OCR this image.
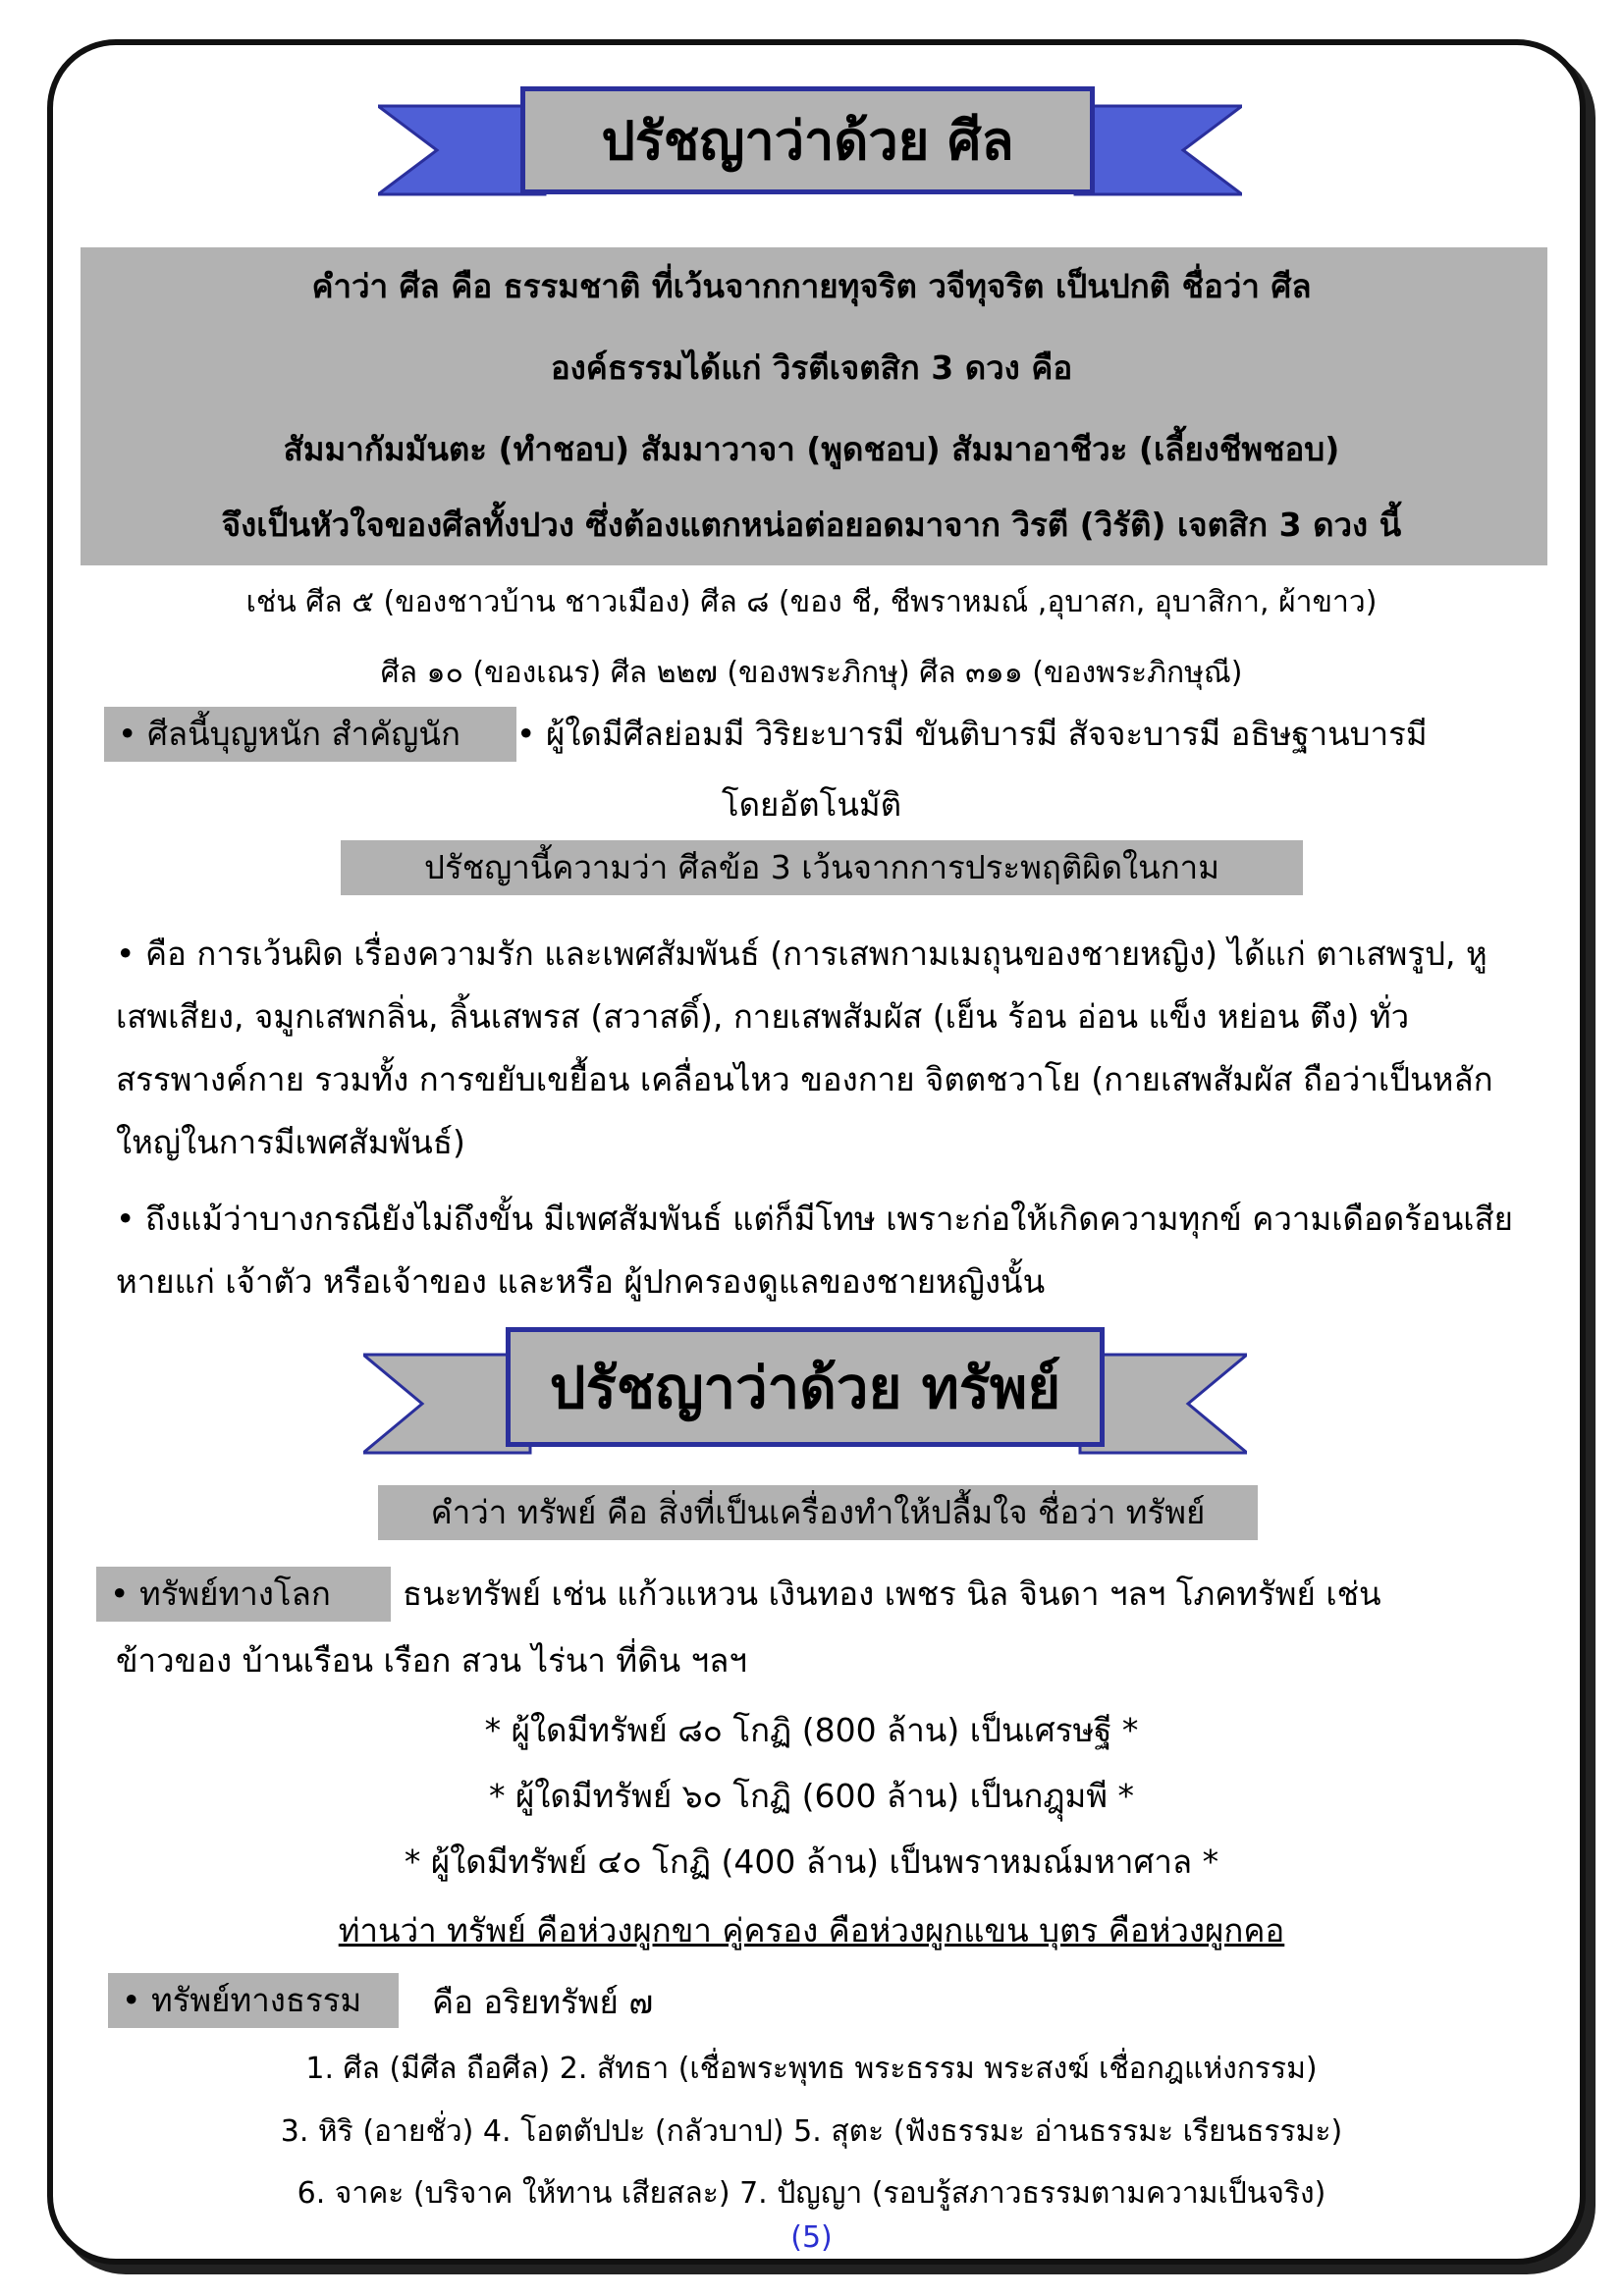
ปรัชญาว่าด้วย ศีล
คำว่า ศีล คือ ธรรมชาติ ที่เว้นจากกายทุจริต วจีทุจริต เป็นปกติ ชื่อว่า ศีล
องค์ธรรมได้แก่ วิรตีเจตสิก 3 ดวง คือ
สัมมากัมมันตะ (ทำชอบ) สัมมาวาจา (พูดชอบ) สัมมาอาชีวะ (เลี้ยงชีพชอบ)
จึงเป็นหัวใจของศีลทั้งปวง ซึ่งต้องแตกหน่อต่อยอดมาจาก วิรตี (วิรัติ) เจตสิก 3 ดวง นี้
เช่น ศีล ๕ (ของชาวบ้าน ชาวเมือง) ศีล ๘ (ของ ชี, ชีพราหมณ์ ,อุบาสก, อุบาสิกา, ผ้าขาว)
ศีล ๑๐ (ของเณร) ศีล ๒๒๗ (ของพระภิกษุ) ศีล ๓๑๑ (ของพระภิกษุณี)
• ศีลนี้บุญหนัก สำคัญนัก	• ผู้ใดมีศีลย่อมมี วิริยะบารมี ขันติบารมี สัจจะบารมี อธิษฐานบารมี
โดยอัตโนมัติ
ปรัชญานี้ความว่า ศีลข้อ 3 เว้นจากการประพฤติผิดในกาม
• คือ การเว้นผิด เรื่องความรัก และเพศสัมพันธ์ (การเสพกามเมถุนของชายหญิง) ได้แก่ ตาเสพรูป, หูเสพเสียง, จมูกเสพกลิ่น, ลิ้นเสพรส (สวาสดิ์), กายเสพสัมผัส (เย็น ร้อน อ่อน แข็ง หย่อน ตึง) ทั่วสรรพางค์กาย รวมทั้ง การขยับเขยื้อน เคลื่อนไหว ของกาย จิตตชวาโย (กายเสพสัมผัส ถือว่าเป็นหลักใหญ่ในการมีเพศสัมพันธ์)
• ถึงแม้ว่าบางกรณียังไม่ถึงขั้น มีเพศสัมพันธ์ แต่ก็มีโทษ เพราะก่อให้เกิดความทุกข์ ความเดือดร้อนเสียหายแก่ เจ้าตัว หรือเจ้าของ และหรือ ผู้ปกครองดูแลของชายหญิงนั้น
ปรัชญาว่าด้วย ทรัพย์
คำว่า ทรัพย์ คือ สิ่งที่เป็นเครื่องทำให้ปลื้มใจ ชื่อว่า ทรัพย์
• ทรัพย์ทางโลก	ธนะทรัพย์ เช่น แก้วแหวน เงินทอง เพชร นิล จินดา ฯลฯ โภคทรัพย์ เช่น
ข้าวของ บ้านเรือน เรือก สวน ไร่นา ที่ดิน ฯลฯ
* ผู้ใดมีทรัพย์ ๘๐ โกฏิ (800 ล้าน) เป็นเศรษฐี *
* ผู้ใดมีทรัพย์ ๖๐ โกฏิ (600 ล้าน) เป็นกฎุมพี *
* ผู้ใดมีทรัพย์ ๔๐ โกฏิ (400 ล้าน) เป็นพราหมณ์มหาศาล *
ท่านว่า ทรัพย์ คือห่วงผูกขา คู่ครอง คือห่วงผูกแขน บุตร คือห่วงผูกคอ
• ทรัพย์ทางธรรม	คือ อริยทรัพย์ ๗
1. ศีล (มีศีล ถือศีล) 2. สัทธา (เชื่อพระพุทธ พระธรรม พระสงฆ์ เชื่อกฎแห่งกรรม)
3. หิริ (อายชั่ว) 4. โอตตัปปะ (กลัวบาป) 5. สุตะ (ฟังธรรมะ อ่านธรรมะ เรียนธรรมะ)
6. จาคะ (บริจาค ให้ทาน เสียสละ) 7. ปัญญา (รอบรู้สภาวธรรมตามความเป็นจริง)
(5)
